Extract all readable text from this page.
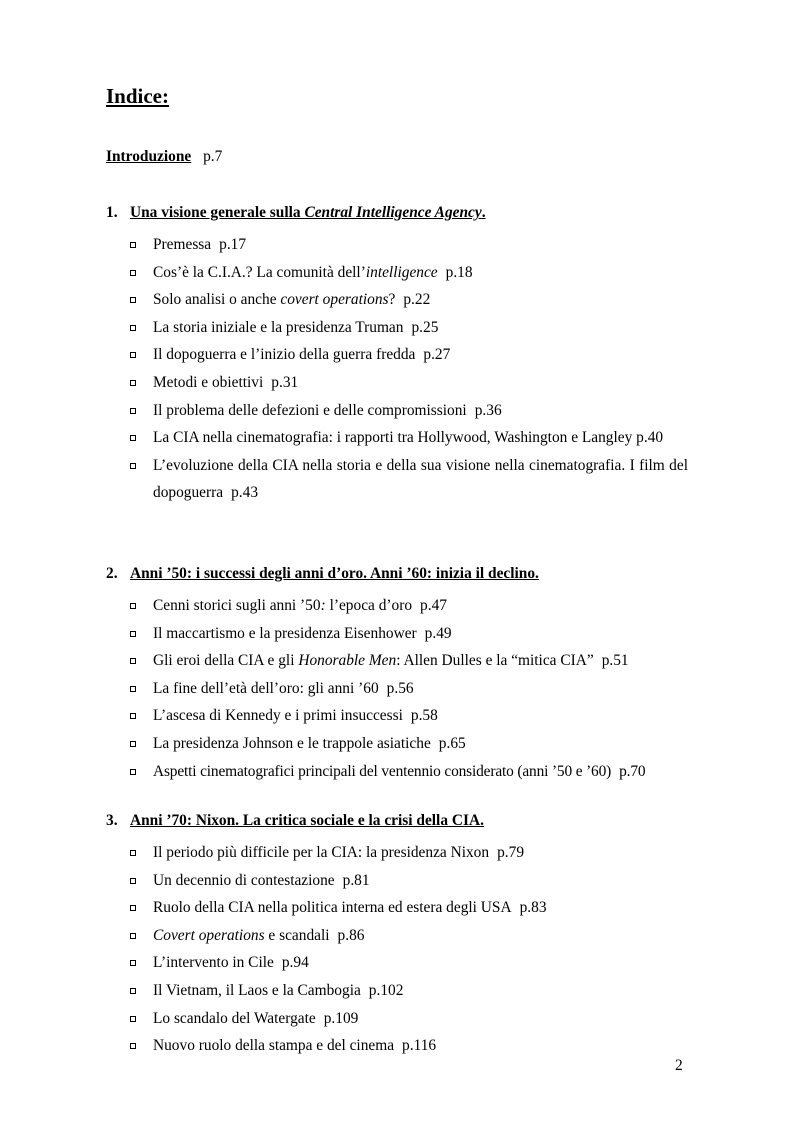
Indice:
Introduzione p.7
1. Una visione generale sulla Central Intelligence Agency.
Premessa p.17
Cos’è la C.I.A.? La comunità dell’intelligence p.18
Solo analisi o anche covert operations? p.22
La storia iniziale e la presidenza Truman p.25
Il dopoguerra e l’inizio della guerra fredda p.27
Metodi e obiettivi p.31
Il problema delle defezioni e delle compromissioni p.36
La CIA nella cinematografia: i rapporti tra Hollywood, Washington e Langley p.40
L’evoluzione della CIA nella storia e della sua visione nella cinematografia. I film del dopoguerra p.43
2. Anni ’50: i successi degli anni d’oro. Anni ’60: inizia il declino.
Cenni storici sugli anni ’50: l’epoca d’oro p.47
Il maccartismo e la presidenza Eisenhower p.49
Gli eroi della CIA e gli Honorable Men: Allen Dulles e la “mitica CIA” p.51
La fine dell’età dell’oro: gli anni ’60 p.56
L’ascesa di Kennedy e i primi insuccessi p.58
La presidenza Johnson e le trappole asiatiche p.65
Aspetti cinematografici principali del ventennio considerato (anni ’50 e ’60) p.70
3. Anni ’70: Nixon. La critica sociale e la crisi della CIA.
Il periodo più difficile per la CIA: la presidenza Nixon p.79
Un decennio di contestazione p.81
Ruolo della CIA nella politica interna ed estera degli USA p.83
Covert operations e scandali p.86
L’intervento in Cile p.94
Il Vietnam, il Laos e la Cambogia p.102
Lo scandalo del Watergate p.109
Nuovo ruolo della stampa e del cinema p.116
2
